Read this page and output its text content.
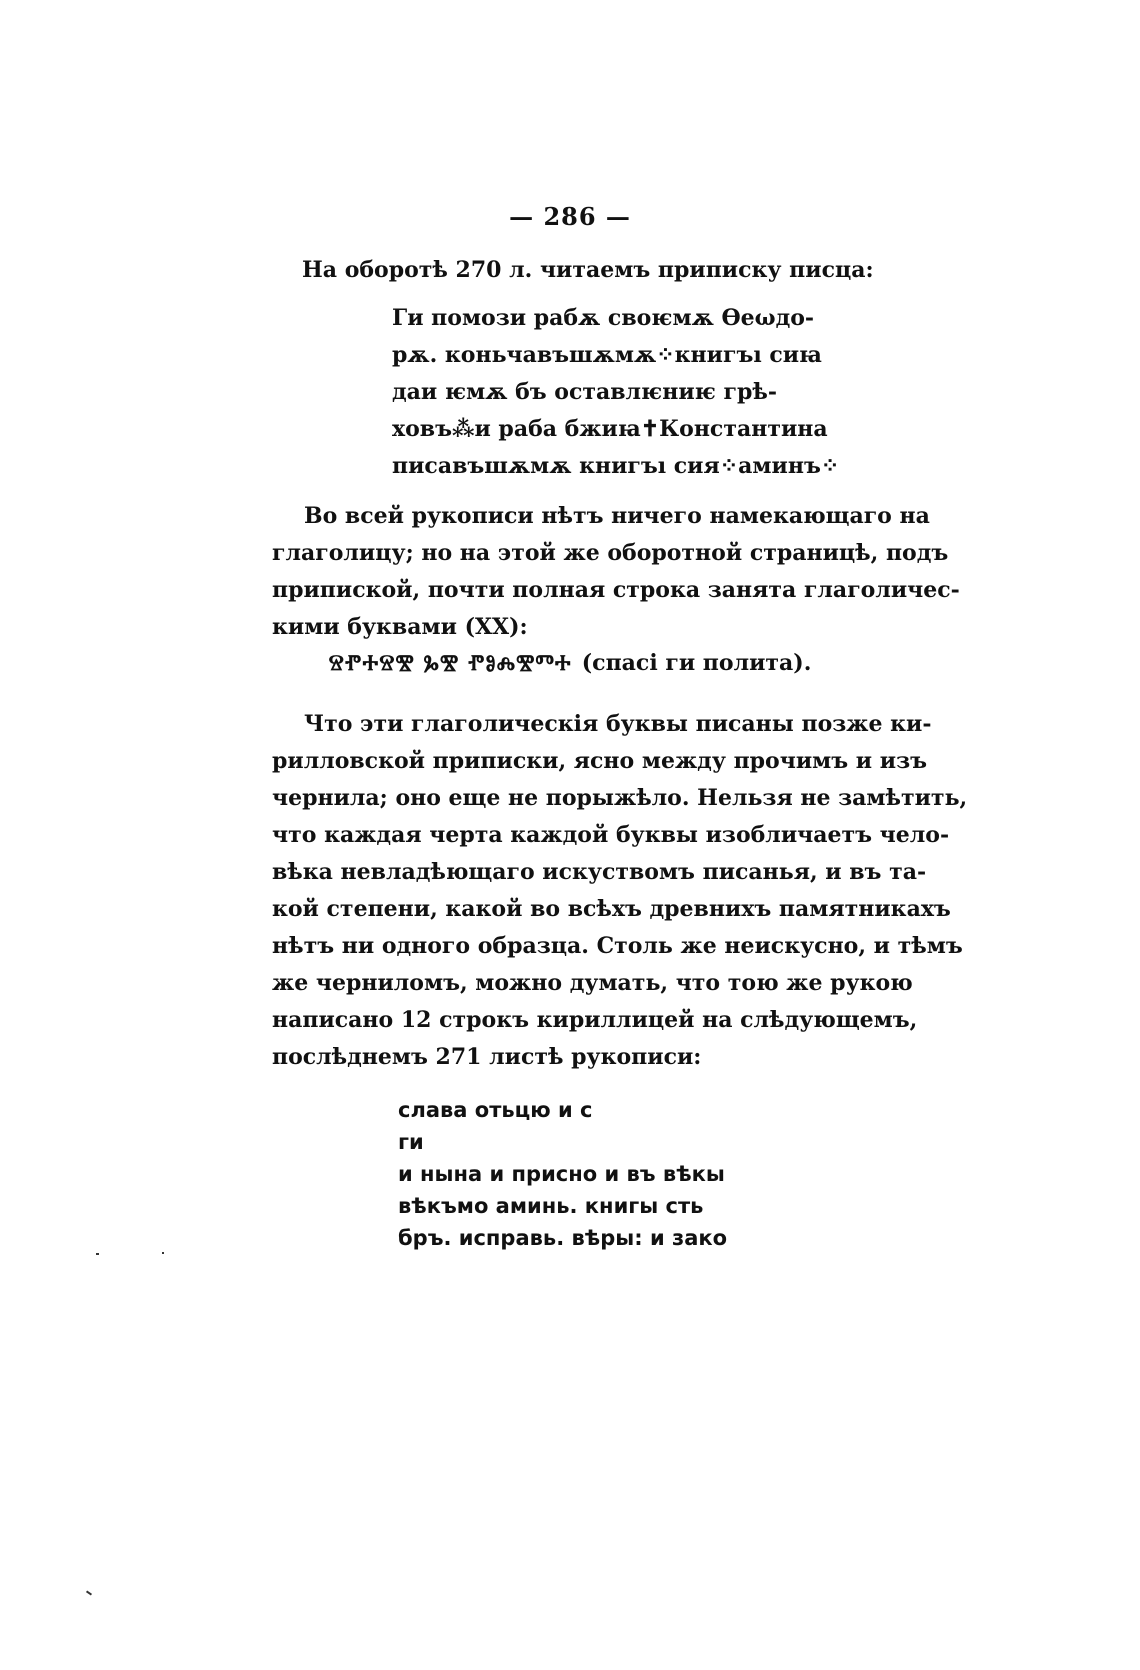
— 286 —
На оборотѣ 270 л. читаемъ приписку писца:
Ги помози рабѫ своѥмѫ Өеωдо-
рѫ. коньчавъшѫмѫ⁘книгъı сиꙗ
даи ѥмѫ бъ оставлѥниѥ грѣ-
ховъ⁂и раба бжиꙗ✝Константина
писавъшѫмѫ книгъı сия⁘аминъ⁘
Во всей рукописи нѣтъ ничего намекающаго на
глаголицу; но на этой же оборотной страницѣ, подъ
припиской, почти полная строка занята глаголичес-
кими буквами (XX):
ⰔⰒⰀⰔⰊ ⰃⰊ ⰒⰑⰎⰊⰕⰀ (спасі ги полита).
Что эти глаголическія буквы писаны позже ки-
рилловской приписки, ясно между прочимъ и изъ
чернила; оно еще не порыжѣло. Нельзя не замѣтить,
что каждая черта каждой буквы изобличаетъ чело-
вѣка невладѣющаго искуствомъ писанья, и въ та-
кой степени, какой во всѣхъ древнихъ памятникахъ
нѣтъ ни одного образца. Столь же неискусно, и тѣмъ
же черниломъ, можно думать, что тою же рукою
написано 12 строкъ кириллицей на слѣдующемъ,
послѣднемъ 271 листѣ рукописи:
слава отьцю и с
ги
и нына и присно и въ вѣкы
вѣкъмо аминь. книгы сть
бръ. исправь. вѣры: и зако
